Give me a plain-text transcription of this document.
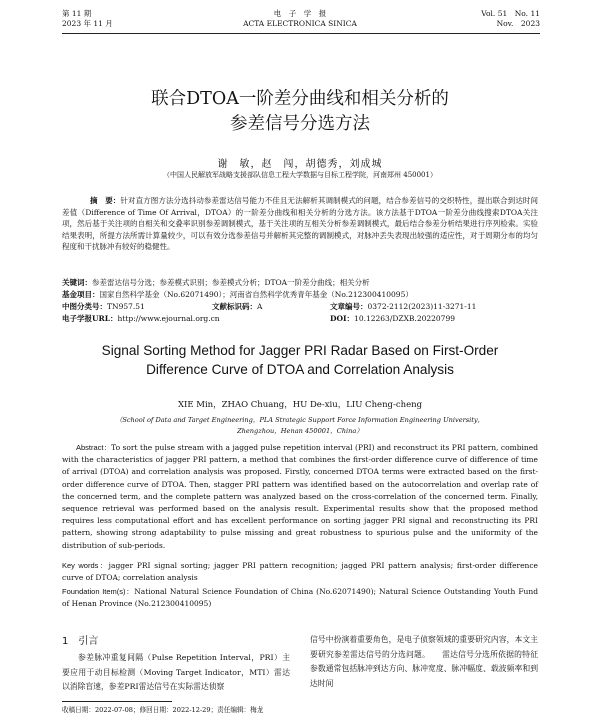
第 11 期
2023 年 11 月
电　子　学　报
ACTA ELECTRONICA SINICA
Vol. 51　No. 11
Nov.　2023
联合DTOA一阶差分曲线和相关分析的
参差信号分选方法
谢　敏，赵　闯，胡德秀，刘成城
（中国人民解放军战略支援部队信息工程大学数据与目标工程学院，河南郑州 450001）
摘　要：针对直方图方法分选抖动参差雷达信号能力不佳且无法解析其调制模式的问题，结合参差信号的交织特性，提出联合到达时间差值（Difference of Time Of Arrival，DTOA）的一阶差分曲线和相关分析的分选方法。该方法基于DTOA一阶差分曲线搜索DTOA关注项，然后基于关注项的自相关和交叠率识别参差调制模式，基于关注项的互相关分析参差调制模式，最后结合参差分析结果进行序列检索。实验结果表明，所提方法所需计算量较少，可以有效分选参差信号并解析其完整的调制模式，对脉冲丢失表现出较强的适应性，对于周期分布的均匀程度和干扰脉冲有较好的稳健性。
关键词：参差雷达信号分选；参差模式识别；参差模式分析；DTOA一阶差分曲线；相关分析
基金项目：国家自然科学基金（No.62071490）；河南省自然科学优秀青年基金（No.212300410095）
中图分类号：TN957.51	文献标识码：A	文章编号：0372-2112(2023)11-3271-11
电子学报URL：http://www.ejournal.org.cn	DOI：10.12263/DZXB.20220799
Signal Sorting Method for Jagger PRI Radar Based on First-Order
Difference Curve of DTOA and Correlation Analysis
XIE Min，ZHAO Chuang，HU De-xiu，LIU Cheng-cheng
（School of Data and Target Engineering，PLA Strategic Support Force Information Engineering University，
Zhengzhou，Henan 450001，China）
Abstract：To sort the pulse stream with a jagged pulse repetition interval (PRI) and reconstruct its PRI pattern, combined with the characteristics of jagger PRI pattern, a method that combines the first-order difference curve of difference of time of arrival (DTOA) and correlation analysis was proposed. Firstly, concerned DTOA terms were extracted based on the first-order difference curve of DTOA. Then, stagger PRI pattern was identified based on the autocorrelation and overlap rate of the concerned term, and the complete pattern was analyzed based on the cross-correlation of the concerned term. Finally, sequence retrieval was performed based on the analysis result. Experimental results show that the proposed method requires less computational effort and has excellent performance on sorting jagger PRI signal and reconstructing its PRI pattern, showing strong adaptability to pulse missing and great robustness to spurious pulse and the uniformity of the distribution of sub-periods.
Key words：jagger PRI signal sorting; jagger PRI pattern recognition; jagged PRI pattern analysis; first-order difference curve of DTOA; correlation analysis
Foundation Item(s)：National Natural Science Foundation of China (No.62071490); Natural Science Outstanding Youth Fund of Henan Province (No.212300410095)
1　引言
参差脉冲重复间隔（Pulse Repetition Interval，PRI）主要应用于动目标检测（Moving Target Indicator，MTI）雷达以消除盲速，参差PRI雷达信号在实际雷达侦察
信号中扮演着重要角色，是电子侦察领域的重要研究内容，本文主要研究参差雷达信号的分选问题。　　雷达信号分选所依据的特征参数通常包括脉冲到达方向、脉冲宽度、脉冲幅度、载波频率和到达时间
收稿日期：2022-07-08；修回日期：2022-12-29；责任编辑：梅龙
